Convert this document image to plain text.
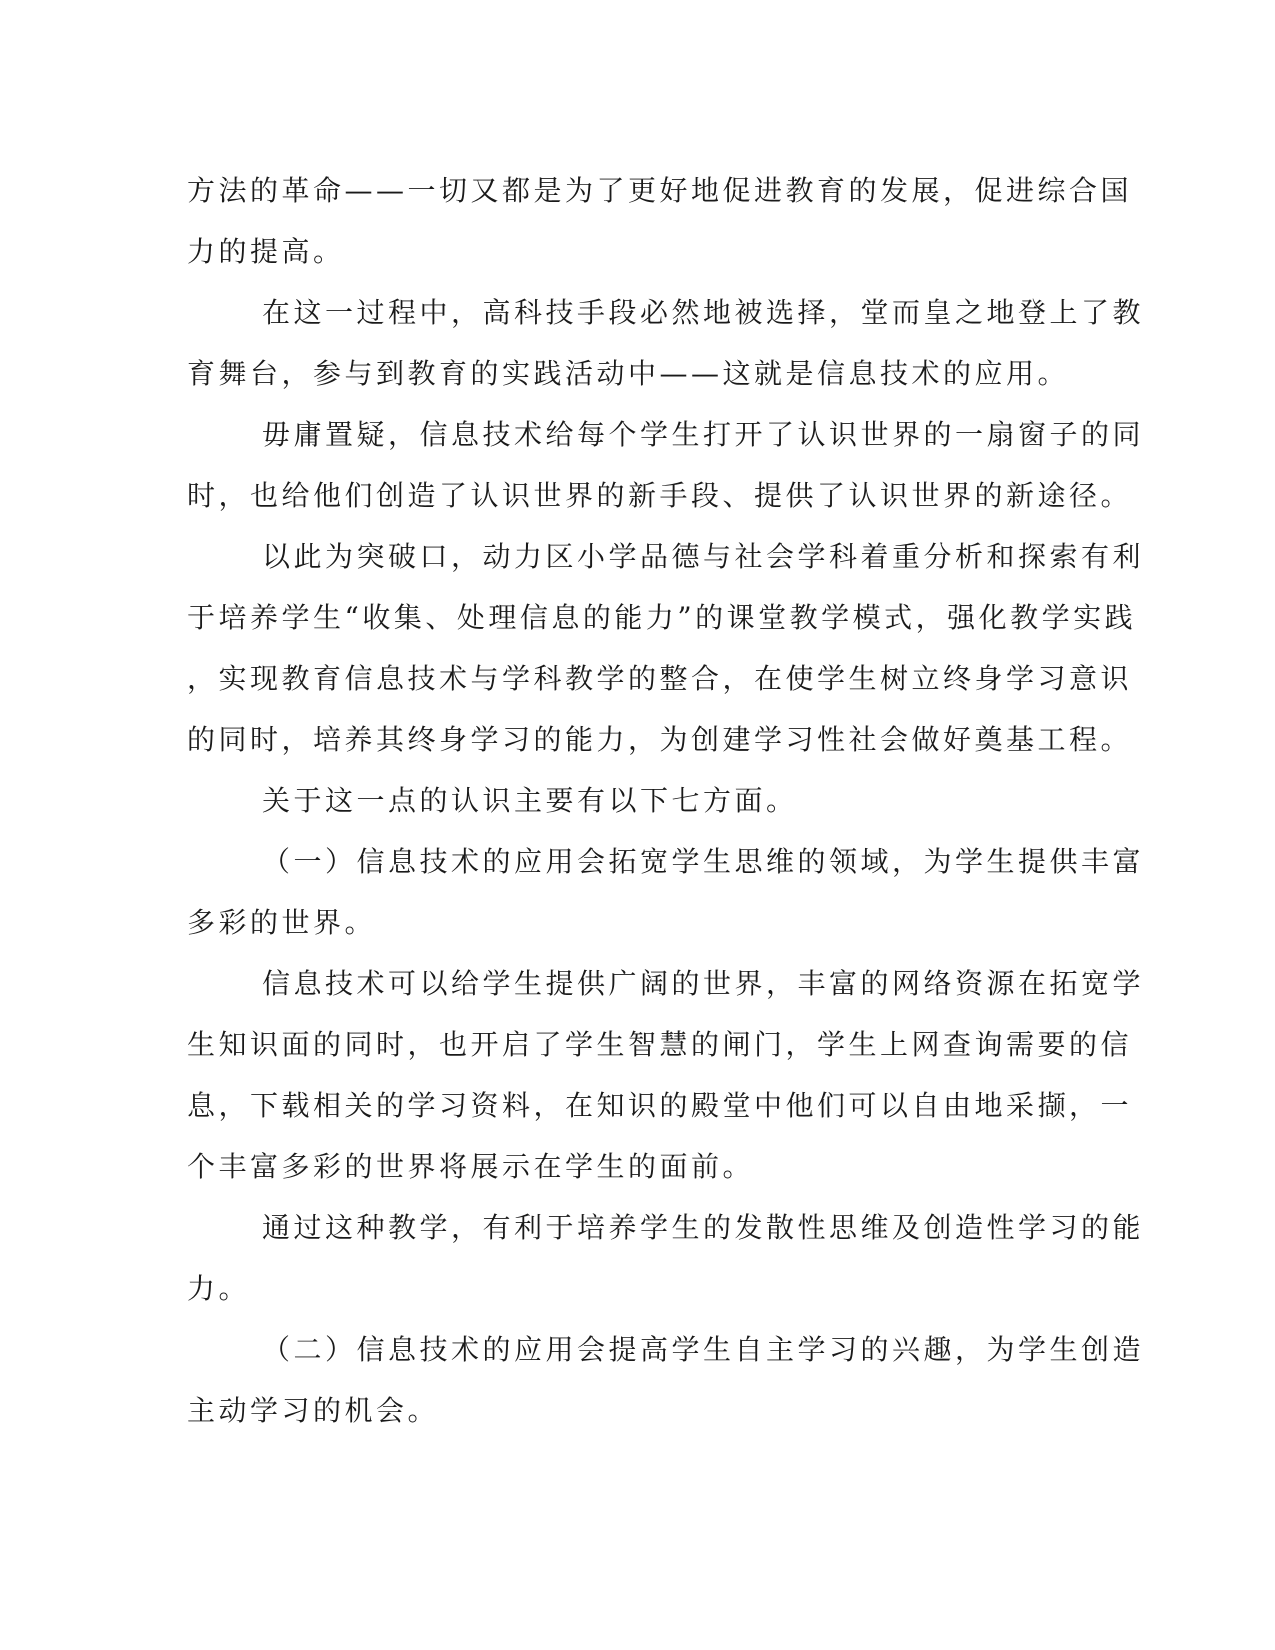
方法的革命——一切又都是为了更好地促进教育的发展，促进综合国
力的提高。
在这一过程中，高科技手段必然地被选择，堂而皇之地登上了教
育舞台，参与到教育的实践活动中——这就是信息技术的应用。
毋庸置疑，信息技术给每个学生打开了认识世界的一扇窗子的同
时，也给他们创造了认识世界的新手段、提供了认识世界的新途径。
以此为突破口，动力区小学品德与社会学科着重分析和探索有利
于培养学生“收集、处理信息的能力”的课堂教学模式，强化教学实践
，实现教育信息技术与学科教学的整合，在使学生树立终身学习意识
的同时，培养其终身学习的能力，为创建学习性社会做好奠基工程。
关于这一点的认识主要有以下七方面。
（一）信息技术的应用会拓宽学生思维的领域，为学生提供丰富
多彩的世界。
信息技术可以给学生提供广阔的世界，丰富的网络资源在拓宽学
生知识面的同时，也开启了学生智慧的闸门，学生上网查询需要的信
息，下载相关的学习资料，在知识的殿堂中他们可以自由地采撷，一
个丰富多彩的世界将展示在学生的面前。
通过这种教学，有利于培养学生的发散性思维及创造性学习的能
力。
（二）信息技术的应用会提高学生自主学习的兴趣，为学生创造
主动学习的机会。
